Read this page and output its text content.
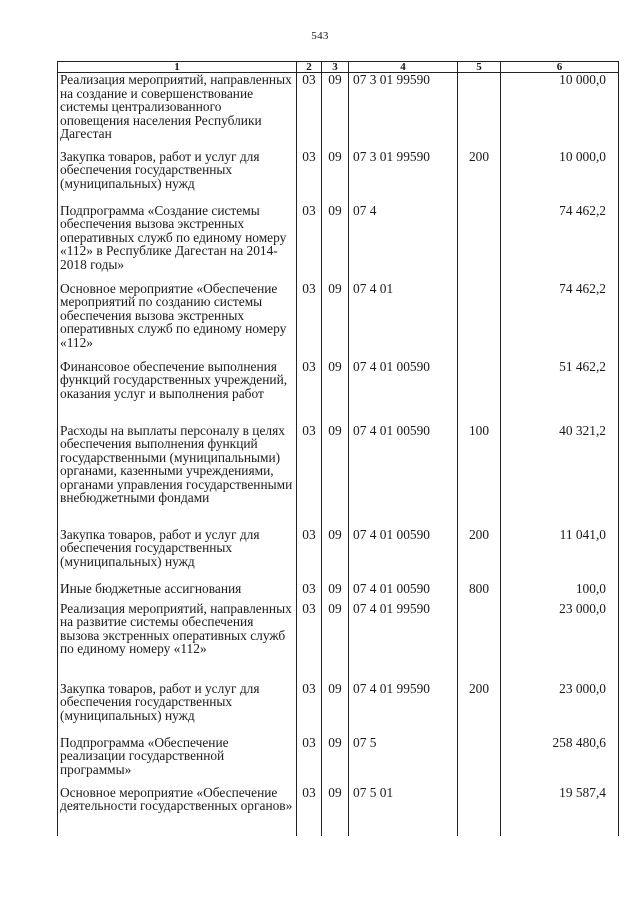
543
1	2	3	4	5	6
Реализация мероприятий, направленных на создание и совершенствование системы централизованного оповещения населения Республики Дагестан	03	09	07 3 01 99590		10 000,0
Закупка товаров, работ и услуг для обеспечения государственных (муниципальных) нужд	03	09	07 3 01 99590	200	10 000,0
Подпрограмма «Создание системы обеспечения вызова экстренных оперативных служб по единому номеру «112» в Республике Дагестан на 2014-2018 годы»	03	09	07 4		74 462,2
Основное мероприятие «Обеспечение мероприятий по созданию системы обеспечения вызова экстренных оперативных служб по единому номеру «112»	03	09	07 4 01		74 462,2
Финансовое обеспечение выполнения функций государственных учреждений, оказания услуг и выполнения работ	03	09	07 4 01 00590		51 462,2
Расходы на выплаты персоналу в целях обеспечения выполнения функций государственными (муниципальными) органами, казенными учреждениями, органами управления государственными внебюджетными фондами	03	09	07 4 01 00590	100	40 321,2
Закупка товаров, работ и услуг для обеспечения государственных (муниципальных) нужд	03	09	07 4 01 00590	200	11 041,0
Иные бюджетные ассигнования	03	09	07 4 01 00590	800	100,0
Реализация мероприятий, направленных на развитие системы обеспечения вызова экстренных оперативных служб по единому номеру «112»	03	09	07 4 01 99590		23 000,0
Закупка товаров, работ и услуг для обеспечения государственных (муниципальных) нужд	03	09	07 4 01 99590	200	23 000,0
Подпрограмма «Обеспечение реализации государственной программы»	03	09	07 5		258 480,6
Основное мероприятие «Обеспечение деятельности государственных органов»	03	09	07 5 01		19 587,4
